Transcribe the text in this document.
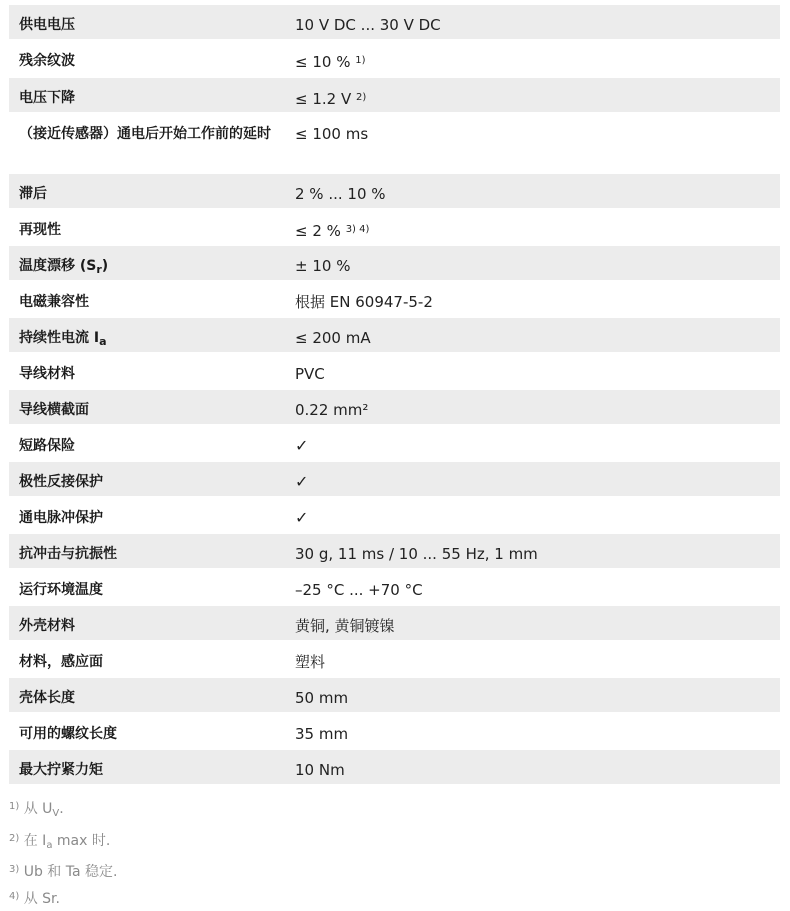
供电电压	10 V DC ... 30 V DC
残余纹波	≤ 10 % $^{1)}$
电压下降	≤ 1.2 V $^{2)}$
（接近传感器）通电后开始工作前的延时	≤ 100 ms
滞后	2 % ... 10 %
再现性	≤ 2 % $^{3) 4)}$
温度漂移 $(S_r)$	± 10 %
电磁兼容性	根据 EN 60947-5-2
持续性电流 $I_a$	≤ 200 mA
导线材料	PVC
导线横截面	0.22 mm²
短路保险	✓
极性反接保护	✓
通电脉冲保护	✓
抗冲击与抗振性	30 g, 11 ms / 10 ... 55 Hz, 1 mm
运行环境温度	–25 °C ... +70 °C
外壳材料	黄铜, 黄铜镀镍
材料，感应面	塑料
壳体长度	50 mm
可用的螺纹长度	35 mm
最大拧紧力矩	10 Nm
$^{1)}$ 从 $U_V$.
$^{2)}$ 在 $I_a$ max 时.
$^{3)}$ Ub 和 Ta 稳定.
$^{4)}$ 从 Sr.
